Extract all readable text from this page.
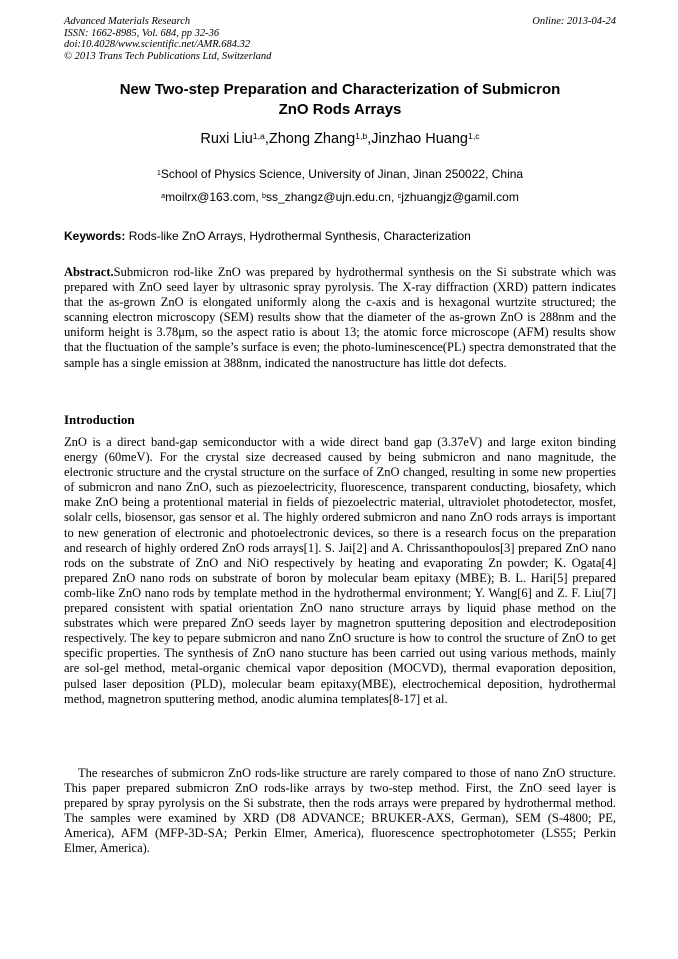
Advanced Materials Research	Online: 2013-04-24
ISSN: 1662-8985, Vol. 684, pp 32-36
doi:10.4028/www.scientific.net/AMR.684.32
© 2013 Trans Tech Publications Ltd, Switzerland
New Two-step Preparation and Characterization of Submicron
ZnO Rods Arrays
Ruxi Liu$^{1,a}$,Zhong Zhang$^{1,b}$,Jinzhao Huang$^{1,c}$
$^1$School of Physics Science, University of Jinan, Jinan 250022, China
$^a$moilrx@163.com, $^b$ss_zhangz@ujn.edu.cn, $^c$jzhuangjz@gamil.com
Keywords: Rods-like ZnO Arrays, Hydrothermal Synthesis, Characterization

Abstract.Submicron rod-like ZnO was prepared by hydrothermal synthesis on the Si substrate which was prepared with ZnO seed layer by ultrasonic spray pyrolysis. The X-ray diffraction (XRD) pattern indicates that the as-grown ZnO is elongated uniformly along the c-axis and is hexagonal wurtzite structured; the scanning electron microscopy (SEM) results show that the diameter of the as-grown ZnO is 288nm and the uniform height is 3.78μm, so the aspect ratio is about 13; the atomic force microscope (AFM) results show that the fluctuation of the sample’s surface is even; the photo-luminescence(PL) spectra demonstrated that the sample has a single emission at 388nm, indicated the nanostructure has little dot defects.

Introduction

ZnO is a direct band-gap semiconductor with a wide direct band gap (3.37eV) and large exiton binding energy (60meV). For the crystal size decreased caused by being submicron and nano magnitude, the electronic structure and the crystal structure on the surface of ZnO changed, resulting in some new properties of submicron and nano ZnO, such as piezoelectricity, fluorescence, transparent conducting, biosafety, which make ZnO being a protentional material in fields of piezoelectric material, ultraviolet photodetector, mosfet, solalr cells, biosensor, gas sensor et al. The highly ordered submicron and nano ZnO rods arrays is important to new generation of electronic and photoelectronic devices, so there is a research focus on the preparation and research of highly ordered ZnO rods arrays[1]. S. Jai[2] and A. Chrissanthopoulos[3] prepared ZnO nano rods on the substrate of ZnO and NiO respectively by heating and evaporating Zn powder; K. Ogata[4] prepared ZnO nano rods on substrate of boron by molecular beam epitaxy (MBE); B. L. Hari[5] prepared comb-like ZnO nano rods by template method in the hydrothermal environment; Y. Wang[6] and Z. F. Liu[7] prepared consistent with spatial orientation ZnO nano structure arrays by liquid phase method on the substrates which were prepared ZnO seeds layer by magnetron sputtering deposition and electrodeposition respectively. The key to pepare submicron and nano ZnO sructure is how to control the sructure of ZnO to get specific properties. The synthesis of ZnO nano stucture has been carried out using various methods, mainly are sol-gel method, metal-organic chemical vapor deposition (MOCVD), thermal evaporation deposition, pulsed laser deposition (PLD), molecular beam epitaxy(MBE), electrochemical deposition, hydrothermal method, magnetron sputtering method, anodic alumina templates[8-17] et al.

The researches of submicron ZnO rods-like structure are rarely compared to those of nano ZnO structure. This paper prepared submicron ZnO rods-like arrays by two-step method. First, the ZnO seed layer is prepared by spray pyrolysis on the Si substrate, then the rods arrays were prepared by hydrothermal method. The samples were examined by XRD (D8 ADVANCE; BRUKER-AXS, German), SEM (S-4800; PE, America), AFM (MFP-3D-SA; Perkin Elmer, America), fluorescence spectrophotometer (LS55; Perkin Elmer, America).
